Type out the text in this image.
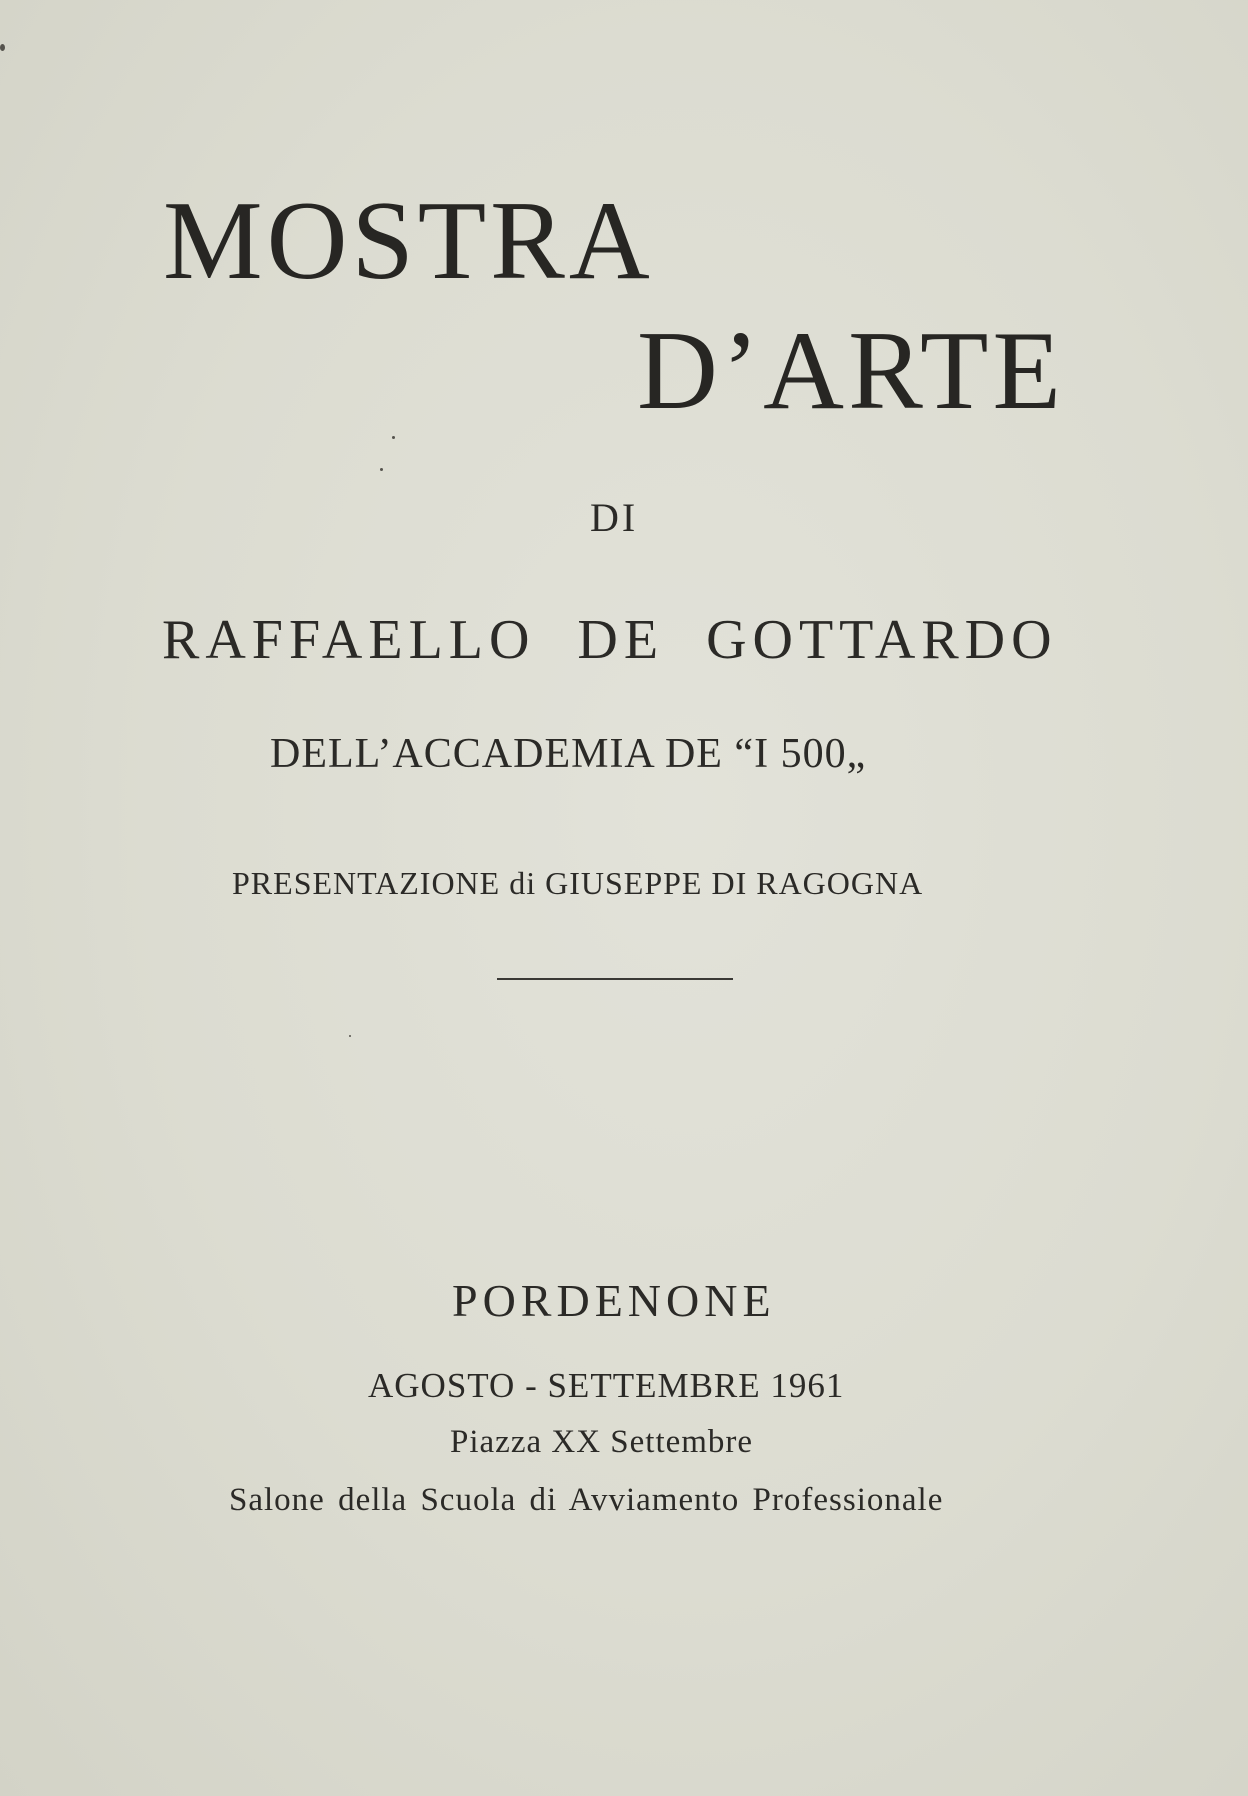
MOSTRA
D’ARTE

DI

RAFFAELLO DE GOTTARDO

DELL’ACCADEMIA DE “I 500„

PRESENTAZIONE di GIUSEPPE DI RAGOGNA

PORDENONE

AGOSTO - SETTEMBRE 1961

Piazza XX Settembre

Salone della Scuola di Avviamento Professionale
